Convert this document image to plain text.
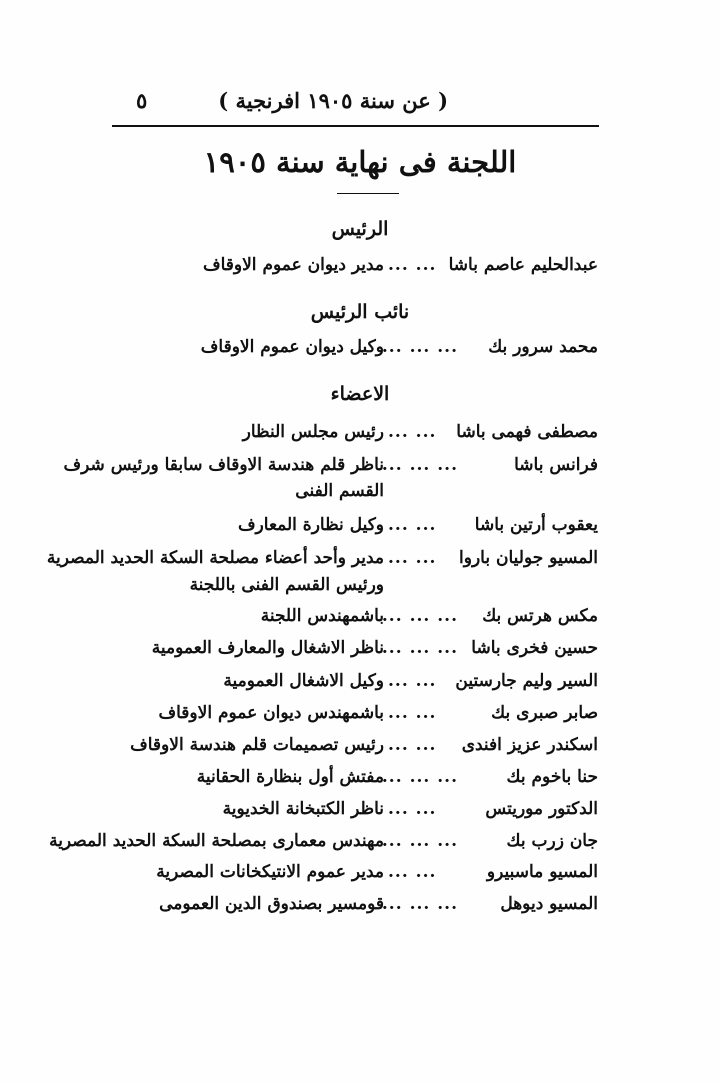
( عن سنة ١٩٠٥ افرنجية )
٥
اللجنة فى نهاية سنة ١٩٠٥
الرئيس
عبدالحليم عاصم باشا
... ...
مدير ديوان عموم الاوقاف
نائب الرئيس
محمد سرور بك
... ... ...
وكيل ديوان عموم الاوقاف
الاعضاء
مصطفى فهمى باشا
... ...
رئيس مجلس النظار
فرانس باشا
... ... ...
ناظر قلم هندسة الاوقاف سابقا ورئيس شرف
القسم الفنى
يعقوب أرتين باشا
... ...
وكيل نظارة المعارف
المسيو جوليان باروا
... ...
مدير وأحد أعضاء مصلحة السكة الحديد المصرية
ورئيس القسم الفنى باللجنة
مكس هرتس بك
... ... ...
باشمهندس اللجنة
حسين فخرى باشا
... ... ...
ناظر الاشغال والمعارف العمومية
السير وليم جارستين
... ...
وكيل الاشغال العمومية
صابر صبرى بك
... ...
باشمهندس ديوان عموم الاوقاف
اسكندر عزيز افندى
... ...
رئيس تصميمات قلم هندسة الاوقاف
حنا باخوم بك
... ... ...
مفتش أول بنظارة الحقانية
الدكتور موريتس
... ...
ناظر الكتبخانة الخديوية
جان زرب بك
... ... ...
مهندس معمارى بمصلحة السكة الحديد المصرية
المسيو ماسبيرو
... ...
مدير عموم الانتيكخانات المصرية
المسيو ديوهل
... ... ...
قومسير بصندوق الدين العمومى
